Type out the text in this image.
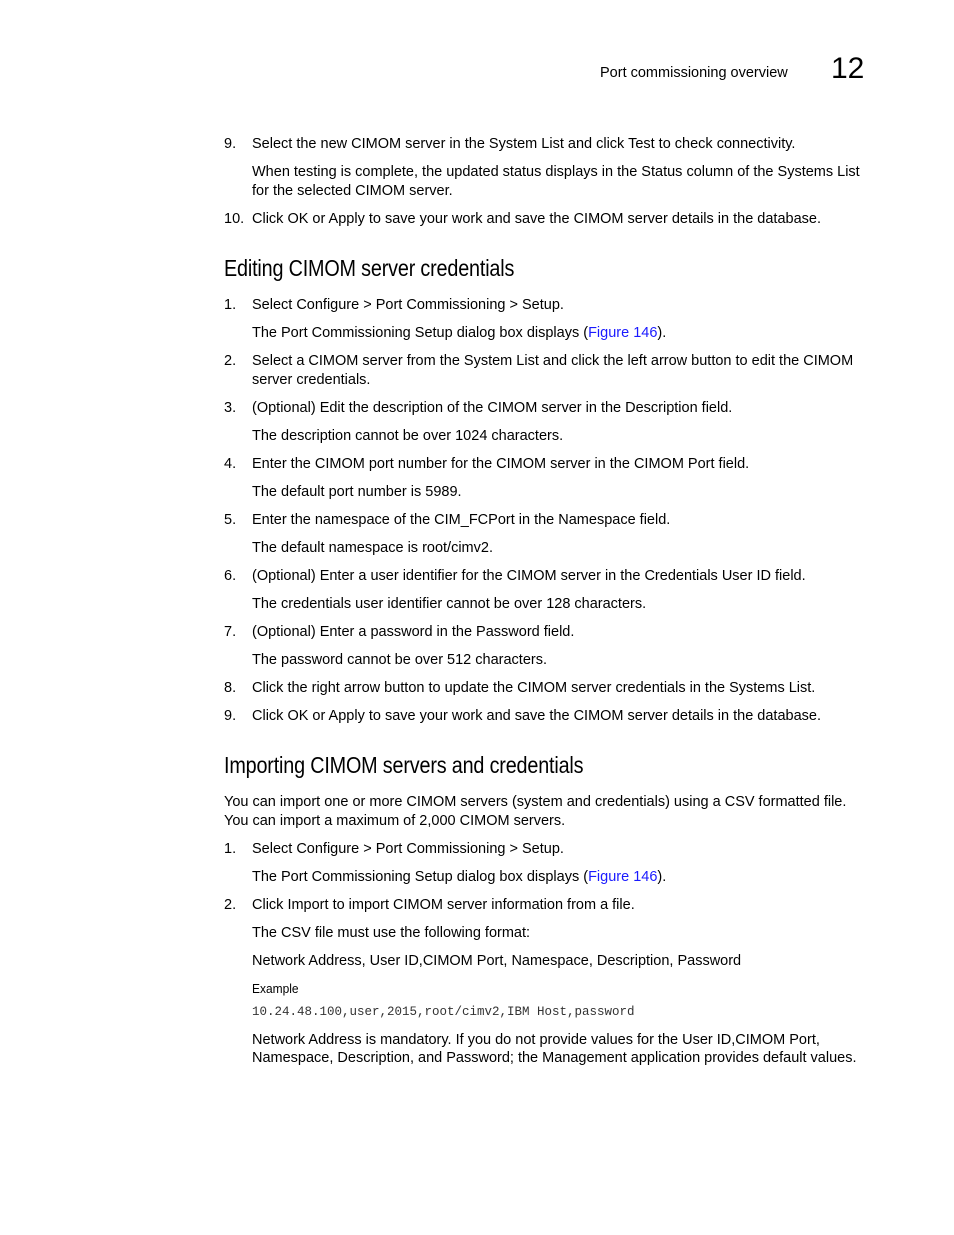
Port commissioning overview 12
9. Select the new CIMOM server in the System List and click Test to check connectivity.
When testing is complete, the updated status displays in the Status column of the Systems List
for the selected CIMOM server.
10. Click OK or Apply to save your work and save the CIMOM server details in the database.
Editing CIMOM server credentials
1. Select Configure > Port Commissioning > Setup.
The Port Commissioning Setup dialog box displays (Figure 146).
2. Select a CIMOM server from the System List and click the left arrow button to edit the CIMOM
server credentials.
3. (Optional) Edit the description of the CIMOM server in the Description field.
The description cannot be over 1024 characters.
4. Enter the CIMOM port number for the CIMOM server in the CIMOM Port field.
The default port number is 5989.
5. Enter the namespace of the CIM_FCPort in the Namespace field.
The default namespace is root/cimv2.
6. (Optional) Enter a user identifier for the CIMOM server in the Credentials User ID field.
The credentials user identifier cannot be over 128 characters.
7. (Optional) Enter a password in the Password field.
The password cannot be over 512 characters.
8. Click the right arrow button to update the CIMOM server credentials in the Systems List.
9. Click OK or Apply to save your work and save the CIMOM server details in the database.
Importing CIMOM servers and credentials
You can import one or more CIMOM servers (system and credentials) using a CSV formatted file.
You can import a maximum of 2,000 CIMOM servers.
1. Select Configure > Port Commissioning > Setup.
The Port Commissioning Setup dialog box displays (Figure 146).
2. Click Import to import CIMOM server information from a file.
The CSV file must use the following format:
Network Address, User ID,CIMOM Port, Namespace, Description, Password
Example
10.24.48.100,user,2015,root/cimv2,IBM Host,password
Network Address is mandatory. If you do not provide values for the User ID,CIMOM Port,
Namespace, Description, and Password; the Management application provides default values.
